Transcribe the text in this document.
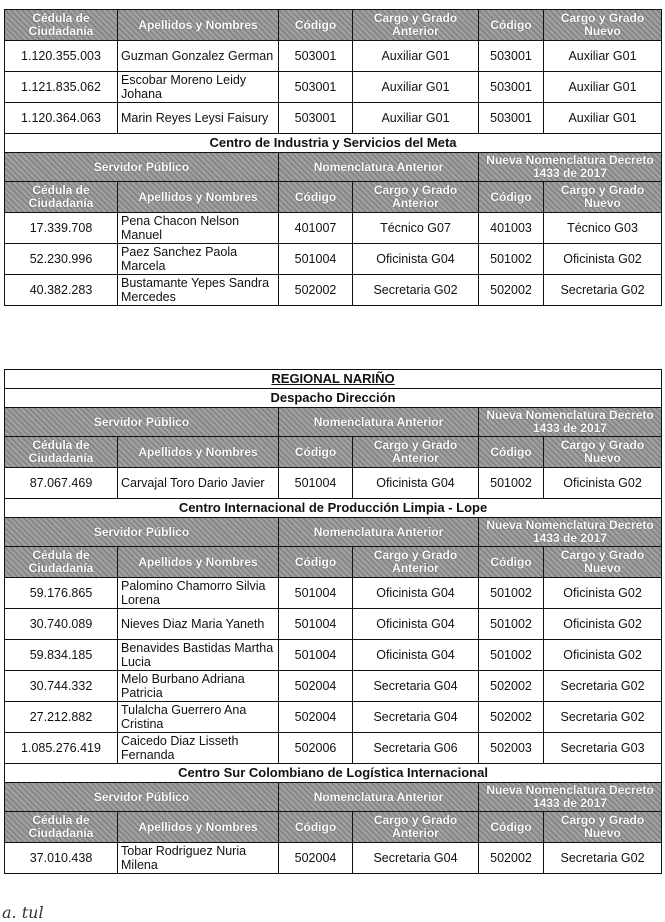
Cédula de Ciudadanía	Apellidos y Nombres	Código	Cargo y Grado Anterior	Código	Cargo y Grado Nuevo
1.120.355.003	Guzman Gonzalez German	503001	Auxiliar G01	503001	Auxiliar G01
1.121.835.062	Escobar Moreno Leidy Johana	503001	Auxiliar G01	503001	Auxiliar G01
1.120.364.063	Marin Reyes Leysi Faisury	503001	Auxiliar G01	503001	Auxiliar G01
Centro de Industria y Servicios del Meta					
Servidor Público		Nomenclatura Anterior		Nueva Nomenclatura Decreto 1433 de 2017	
Cédula de Ciudadanía	Apellidos y Nombres	Código	Cargo y Grado Anterior	Código	Cargo y Grado Nuevo
17.339.708	Pena Chacon Nelson Manuel	401007	Técnico G07	401003	Técnico G03
52.230.996	Paez Sanchez Paola Marcela	501004	Oficinista G04	501002	Oficinista G02
40.382.283	Bustamante Yepes Sandra Mercedes	502002	Secretaria G02	502002	Secretaria G02
REGIONAL NARIÑO					
Despacho Dirección					
Servidor Público		Nomenclatura Anterior		Nueva Nomenclatura Decreto 1433 de 2017	
Cédula de Ciudadanía	Apellidos y Nombres	Código	Cargo y Grado Anterior	Código	Cargo y Grado Nuevo
87.067.469	Carvajal Toro Dario Javier	501004	Oficinista G04	501002	Oficinista G02
Centro Internacional de Producción Limpia - Lope					
Servidor Público		Nomenclatura Anterior		Nueva Nomenclatura Decreto 1433 de 2017	
Cédula de Ciudadanía	Apellidos y Nombres	Código	Cargo y Grado Anterior	Código	Cargo y Grado Nuevo
59.176.865	Palomino Chamorro Silvia Lorena	501004	Oficinista G04	501002	Oficinista G02
30.740.089	Nieves Diaz Maria Yaneth	501004	Oficinista G04	501002	Oficinista G02
59.834.185	Benavides Bastidas Martha Lucia	501004	Oficinista G04	501002	Oficinista G02
30.744.332	Melo Burbano Adriana Patricia	502004	Secretaria G04	502002	Secretaria G02
27.212.882	Tulalcha Guerrero Ana Cristina	502004	Secretaria G04	502002	Secretaria G02
1.085.276.419	Caicedo Diaz Lisseth Fernanda	502006	Secretaria G06	502003	Secretaria G03
Centro Sur Colombiano de Logística Internacional					
Servidor Público		Nomenclatura Anterior		Nueva Nomenclatura Decreto 1433 de 2017	
Cédula de Ciudadanía	Apellidos y Nombres	Código	Cargo y Grado Anterior	Código	Cargo y Grado Nuevo
37.010.438	Tobar Rodriguez Nuria Milena	502004	Secretaria G04	502002	Secretaria G02
a. tul
